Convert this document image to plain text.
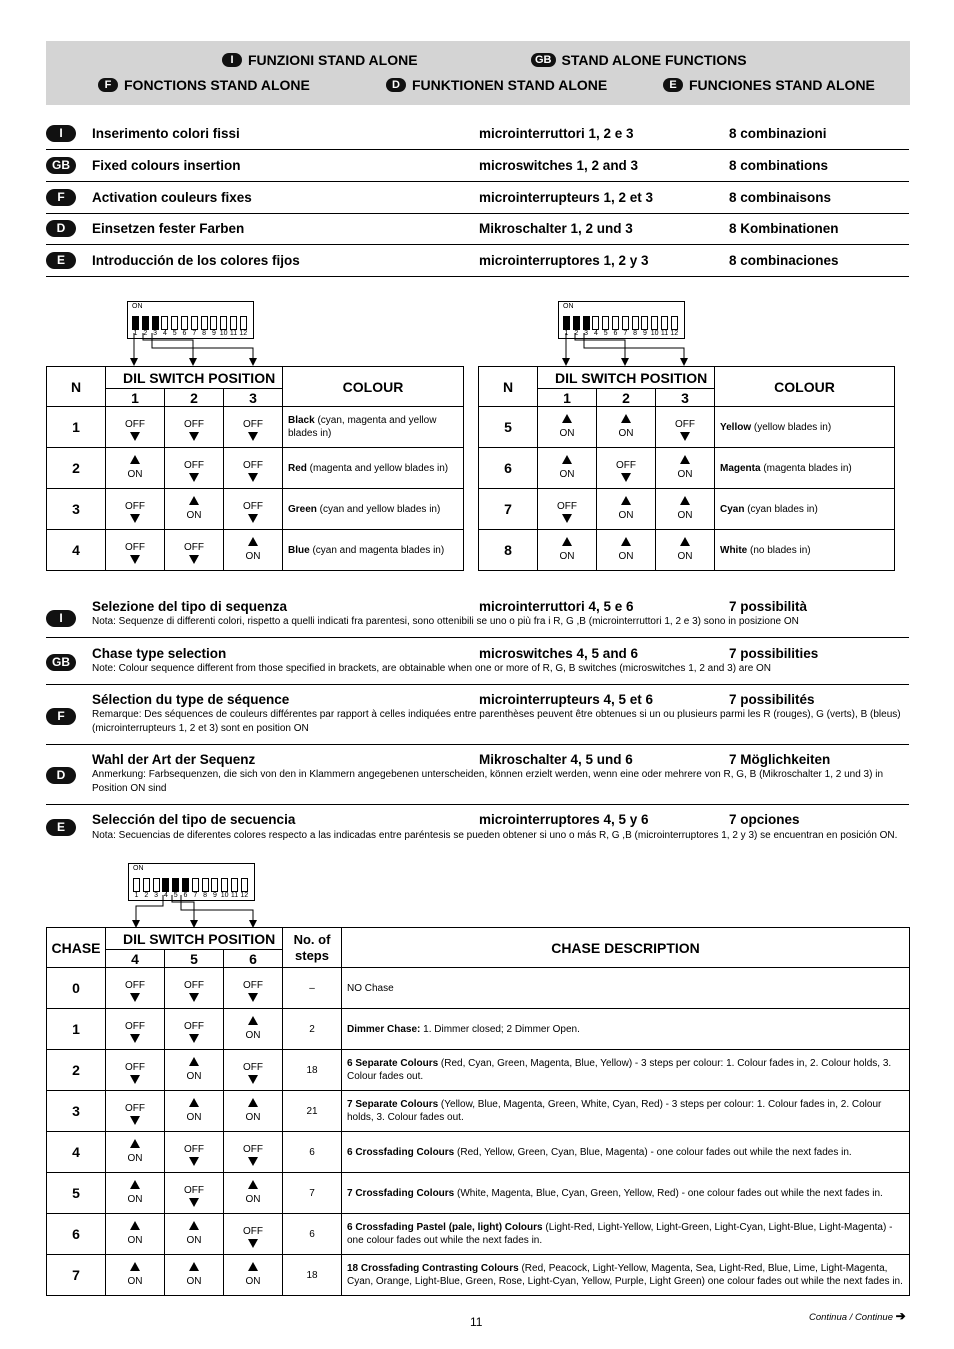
I	FUNZIONI STAND ALONE	GB STAND ALONE FUNCTIONS
F FONCTIONS STAND ALONE	D FUNKTIONEN STAND ALONE	E FUNCIONES STAND ALONE
I	Inserimento colori fissi	microinterruttori 1, 2 e 3	8 combinazioni
GB	Fixed colours insertion	microswitches 1, 2 and 3	8 combinations
F	Activation couleurs fixes	microinterrupteurs 1, 2 et 3	8 combinaisons
D	Einsetzen fester Farben	Mikroschalter 1, 2 und 3	8 Kombinationen
E	Introducción de los colores fijos	microinterruptores 1, 2 y 3	8 combinaciones
ON
1 2 3 4 5 6 7 8 9 10 11 12
ON
1 2 3 4 5 6 7 8 9 10 11 12
ON
1 2 3 4 5 6 7 8 9 10 11 12
N	DIL SWITCH POSITION			COLOUR
	1	2	3	
1	OFF	OFF	OFF	Black (cyan, magenta and yellow blades in)
2	ON	OFF	OFF	Red (magenta and yellow blades in)
3	OFF	ON	OFF	Green (cyan and yellow blades in)
4	OFF	OFF	ON	Blue (cyan and magenta blades in)
N	DIL SWITCH POSITION			COLOUR
	1	2	3	
5	ON	ON	OFF	Yellow (yellow blades in)
6	ON	OFF	ON	Magenta (magenta blades in)
7	OFF	ON	ON	Cyan (cyan blades in)
8	ON	ON	ON	White (no blades in)
I
Selezione del tipo di sequenza	microinterruttori 4, 5 e 6	7 possibilità
Nota: Sequenze di differenti colori, rispetto a quelli indicati fra parentesi, sono ottenibili se uno o più fra i R, G ,B (microinterruttori 1, 2 e 3) sono in posizione ON
GB
Chase type selection	microswitches 4, 5 and 6	7 possibilities
Note: Colour sequence different from those specified in brackets, are obtainable when one or more of R, G, B switches (microswitches 1, 2 and 3) are ON
F
Sélection du type de séquence	microinterrupteurs 4, 5 et 6	7 possibilités
Remarque: Des séquences de couleurs différentes par rapport à celles indiquées entre parenthèses peuvent être obtenues si un ou plusieurs parmi les R (rouges), G (verts), B (bleus) (microinterrupteurs 1, 2 et 3) sont en position ON
D
Wahl der Art der Sequenz	Mikroschalter 4, 5 und 6	7 Möglichkeiten
Anmerkung: Farbsequenzen, die sich von den in Klammern angegebenen unterscheiden, können erzielt werden, wenn eine oder mehrere von R, G, B (Mikroschalter 1, 2 und 3) in Position ON sind
E	Selección del tipo de secuencia	microinterruptores 4, 5 y 6	7 opciones
Nota: Secuencias de diferentes colores respecto a las indicadas entre paréntesis se pueden obtener si uno o más R, G ,B (microinterruptores 1, 2 y 3) se encuentran en posición ON.
CHASE	DIL SWITCH POSITION			No. of steps	CHASE DESCRIPTION
	4	5	6		
0	OFF	OFF	OFF	–	NO Chase
1	OFF	OFF	ON	2	Dimmer Chase: 1. Dimmer closed; 2 Dimmer Open.
2	OFF	ON	OFF	18	6 Separate Colours (Red, Cyan, Green, Magenta, Blue, Yellow) - 3 steps per colour: 1. Colour fades in, 2. Colour holds, 3. Colour fades out.
3	OFF	ON	ON	21	7 Separate Colours (Yellow, Blue, Magenta, Green, White, Cyan, Red) - 3 steps per colour: 1. Colour fades in, 2. Colour holds, 3. Colour fades out.
4	ON	OFF	OFF	6	6 Crossfading Colours (Red, Yellow, Green, Cyan, Blue, Magenta) - one colour fades out while the next fades in.
5	ON	OFF	ON	7	7 Crossfading Colours (White, Magenta, Blue, Cyan, Green, Yellow, Red) - one colour fades out while the next fades in.
6	ON	ON	OFF	6	6 Crossfading Pastel (pale, light) Colours (Light-Red, Light-Yellow, Light-Green, Light-Cyan, Light-Blue, Light-Magenta) - one colour fades out while the next fades in.
7	ON	ON	ON	18	18 Crossfading Contrasting Colours (Red, Peacock, Light-Yellow, Magenta, Sea, Light-Red, Blue, Lime, Light-Magenta, Cyan, Orange, Light-Blue, Green, Rose, Light-Cyan, Yellow, Purple, Light Green) one colour fades out while the next fades in.
11	Continua / Continue ➔
